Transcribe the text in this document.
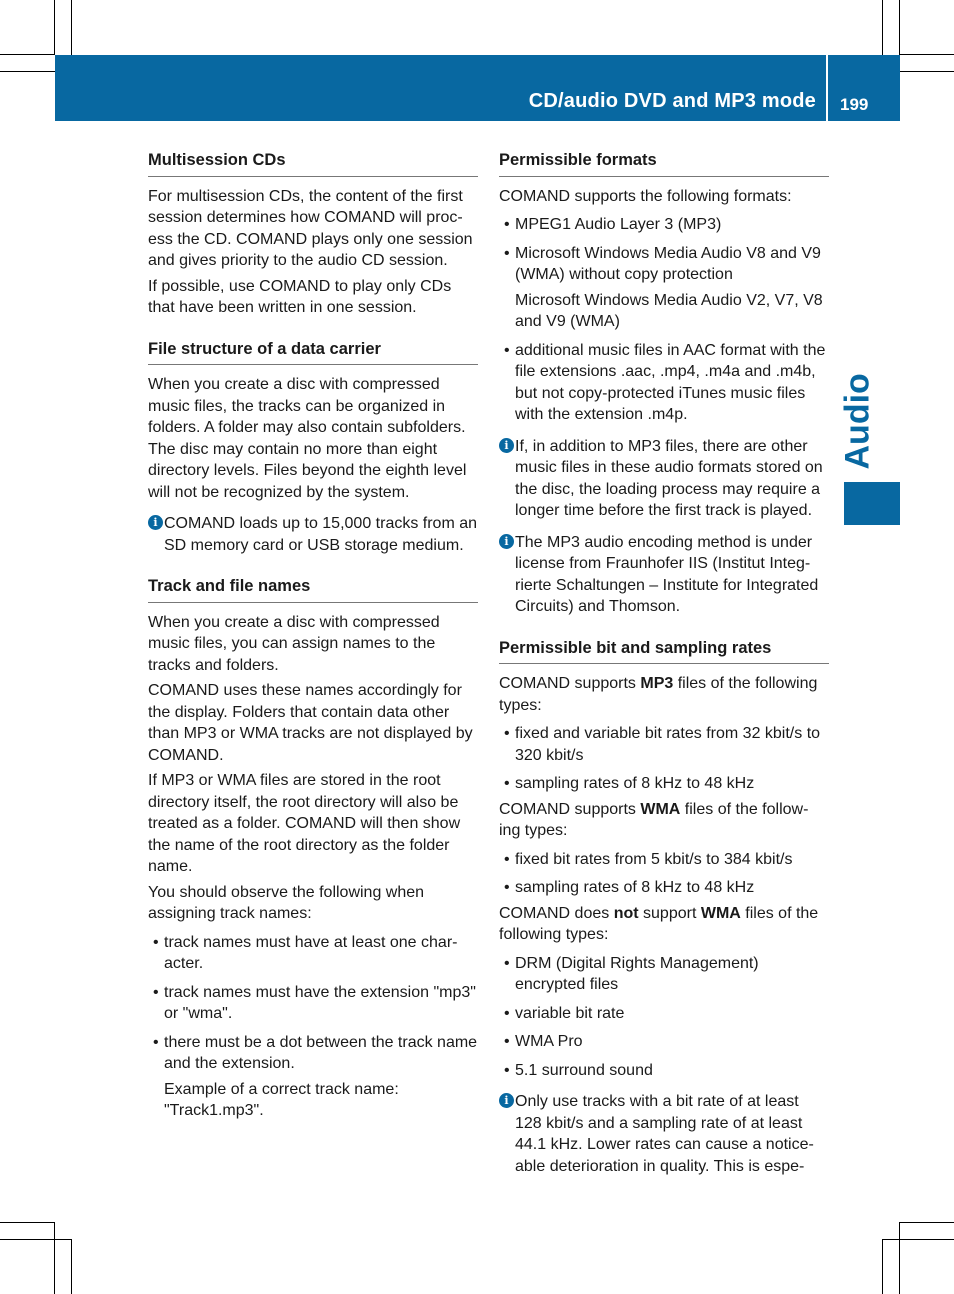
CD/audio DVD and MP3 mode 199
Audio
Multisession CDs

For multisession CDs, the content of the first session determines how COMAND will proc-ess the CD. COMAND plays only one session and gives priority to the audio CD session.

If possible, use COMAND to play only CDs that have been written in one session.

File structure of a data carrier

When you create a disc with compressed music files, the tracks can be organized in folders. A folder may also contain subfolders. The disc may contain no more than eight directory levels. Files beyond the eighth level will not be recognized by the system.

i COMAND loads up to 15,000 tracks from an SD memory card or USB storage medium.
Track and file names

When you create a disc with compressed music files, you can assign names to the tracks and folders.

COMAND uses these names accordingly for the display. Folders that contain data other than MP3 or WMA tracks are not displayed by COMAND.

If MP3 or WMA files are stored in the root directory itself, the root directory will also be treated as a folder. COMAND will then show the name of the root directory as the folder name.

You should observe the following when assigning track names:

• track names must have at least one char-acter.
• track names must have the extension "mp3" or "wma".
• there must be a dot between the track name and the extension.
Example of a correct track name: "Track1.mp3".
Permissible formats

COMAND supports the following formats:

• MPEG1 Audio Layer 3 (MP3)
• Microsoft Windows Media Audio V8 and V9 (WMA) without copy protection
Microsoft Windows Media Audio V2, V7, V8 and V9 (WMA)
• additional music files in AAC format with the file extensions .aac, .mp4, .m4a and .m4b, but not copy-protected iTunes music files with the extension .m4p.
i If, in addition to MP3 files, there are other music files in these audio formats stored on the disc, the loading process may require a longer time before the first track is played.
i The MP3 audio encoding method is under license from Fraunhofer IIS (Institut Integ-rierte Schaltungen – Institute for Integrated Circuits) and Thomson.
Permissible bit and sampling rates

COMAND supports MP3 files of the following types:

• fixed and variable bit rates from 32 kbit/s to 320 kbit/s
• sampling rates of 8 kHz to 48 kHz

COMAND supports WMA files of the follow-ing types:

• fixed bit rates from 5 kbit/s to 384 kbit/s
• sampling rates of 8 kHz to 48 kHz

COMAND does not support WMA files of the following types:

• DRM (Digital Rights Management) encrypted files
• variable bit rate
• WMA Pro
• 5.1 surround sound
i Only use tracks with a bit rate of at least 128 kbit/s and a sampling rate of at least 44.1 kHz. Lower rates can cause a notice-able deterioration in quality. This is espe-
